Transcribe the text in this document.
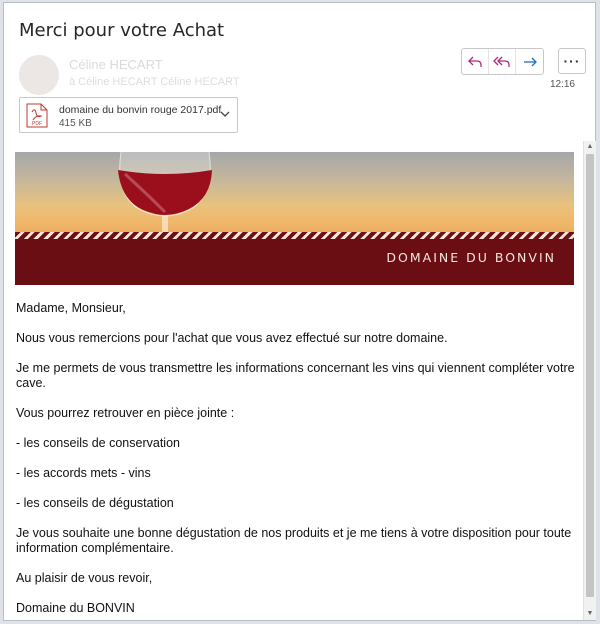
Merci pour votre Achat
Céline HECART
à Céline HECART Céline HECART
···
12:16
PDF
domaine du bonvin rouge 2017.pdf
415 KB
DOMAINE DU BONVIN

Madame, Monsieur,

Nous vous remercions pour l'achat que vous avez effectué sur notre domaine.

Je me permets de vous transmettre les informations concernant les vins qui viennent compléter votre cave.

Vous pourrez retrouver en pièce jointe :

- les conseils de conservation

- les accords mets - vins

- les conseils de dégustation

Je vous souhaite une bonne dégustation de nos produits et je me tiens à votre disposition pour toute information complémentaire.

Au plaisir de vous revoir,

Domaine du BONVIN

▲
▼
